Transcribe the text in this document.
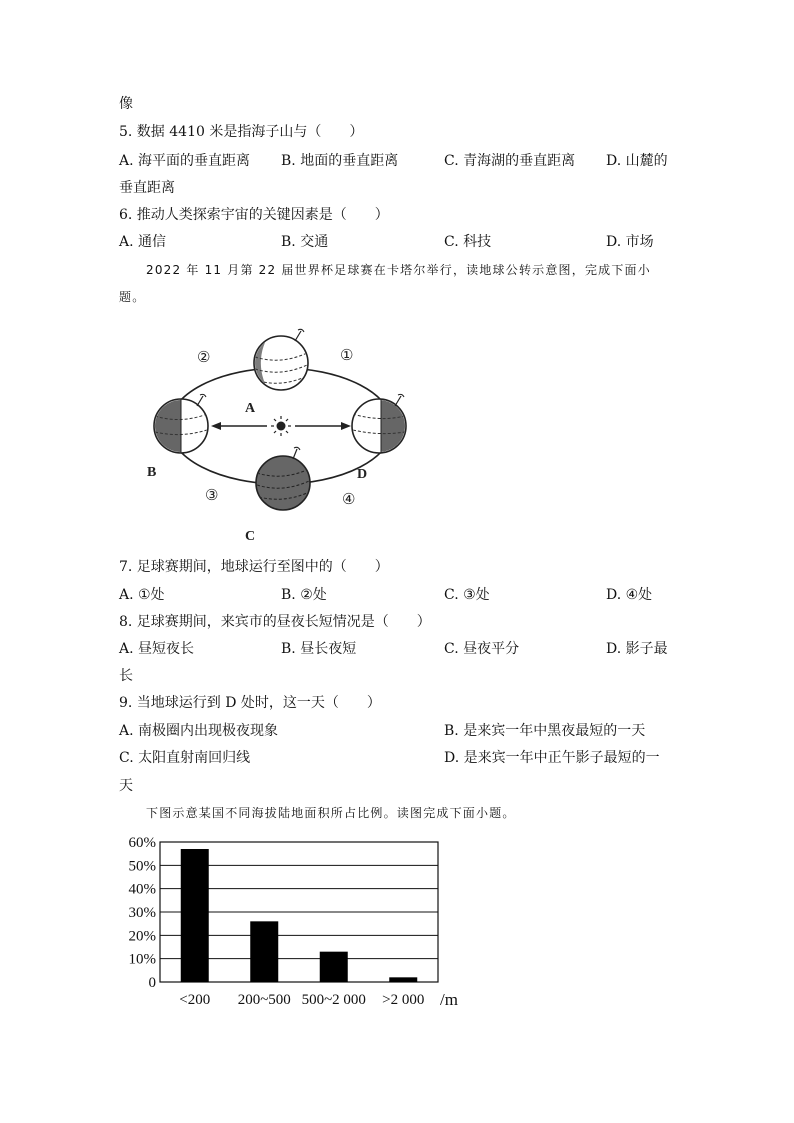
像
5. 数据 4410 米是指海子山与（　　）
A. 海平面的垂直距离 B. 地面的垂直距离	C. 青海湖的垂直距离 D. 山麓的
垂直距离
6. 推动人类探索宇宙的关键因素是（　　）
A. 通信	B. 交通	C. 科技	D. 市场
2022 年 11 月第 22 届世界杯足球赛在卡塔尔举行，读地球公转示意图，完成下面小
题。
②	①
③	④
A
B
C
D
7. 足球赛期间，地球运行至图中的（　　）
A. ①处	B. ②处	C. ③处	D. ④处
8. 足球赛期间，来宾市的昼夜长短情况是（　　）
A. 昼短夜长	B. 昼长夜短	C. 昼夜平分	D. 影子最
长
9. 当地球运行到 D 处时，这一天（　　）
A. 南极圈内出现极夜现象	B. 是来宾一年中黑夜最短的一天
C. 太阳直射南回归线	D. 是来宾一年中正午影子最短的一
天
下图示意某国不同海拔陆地面积所占比例。读图完成下面小题。
0
10%
20%
30%
40%
50%
60%
<200 200~500 500~2 000 >2 000 /m
